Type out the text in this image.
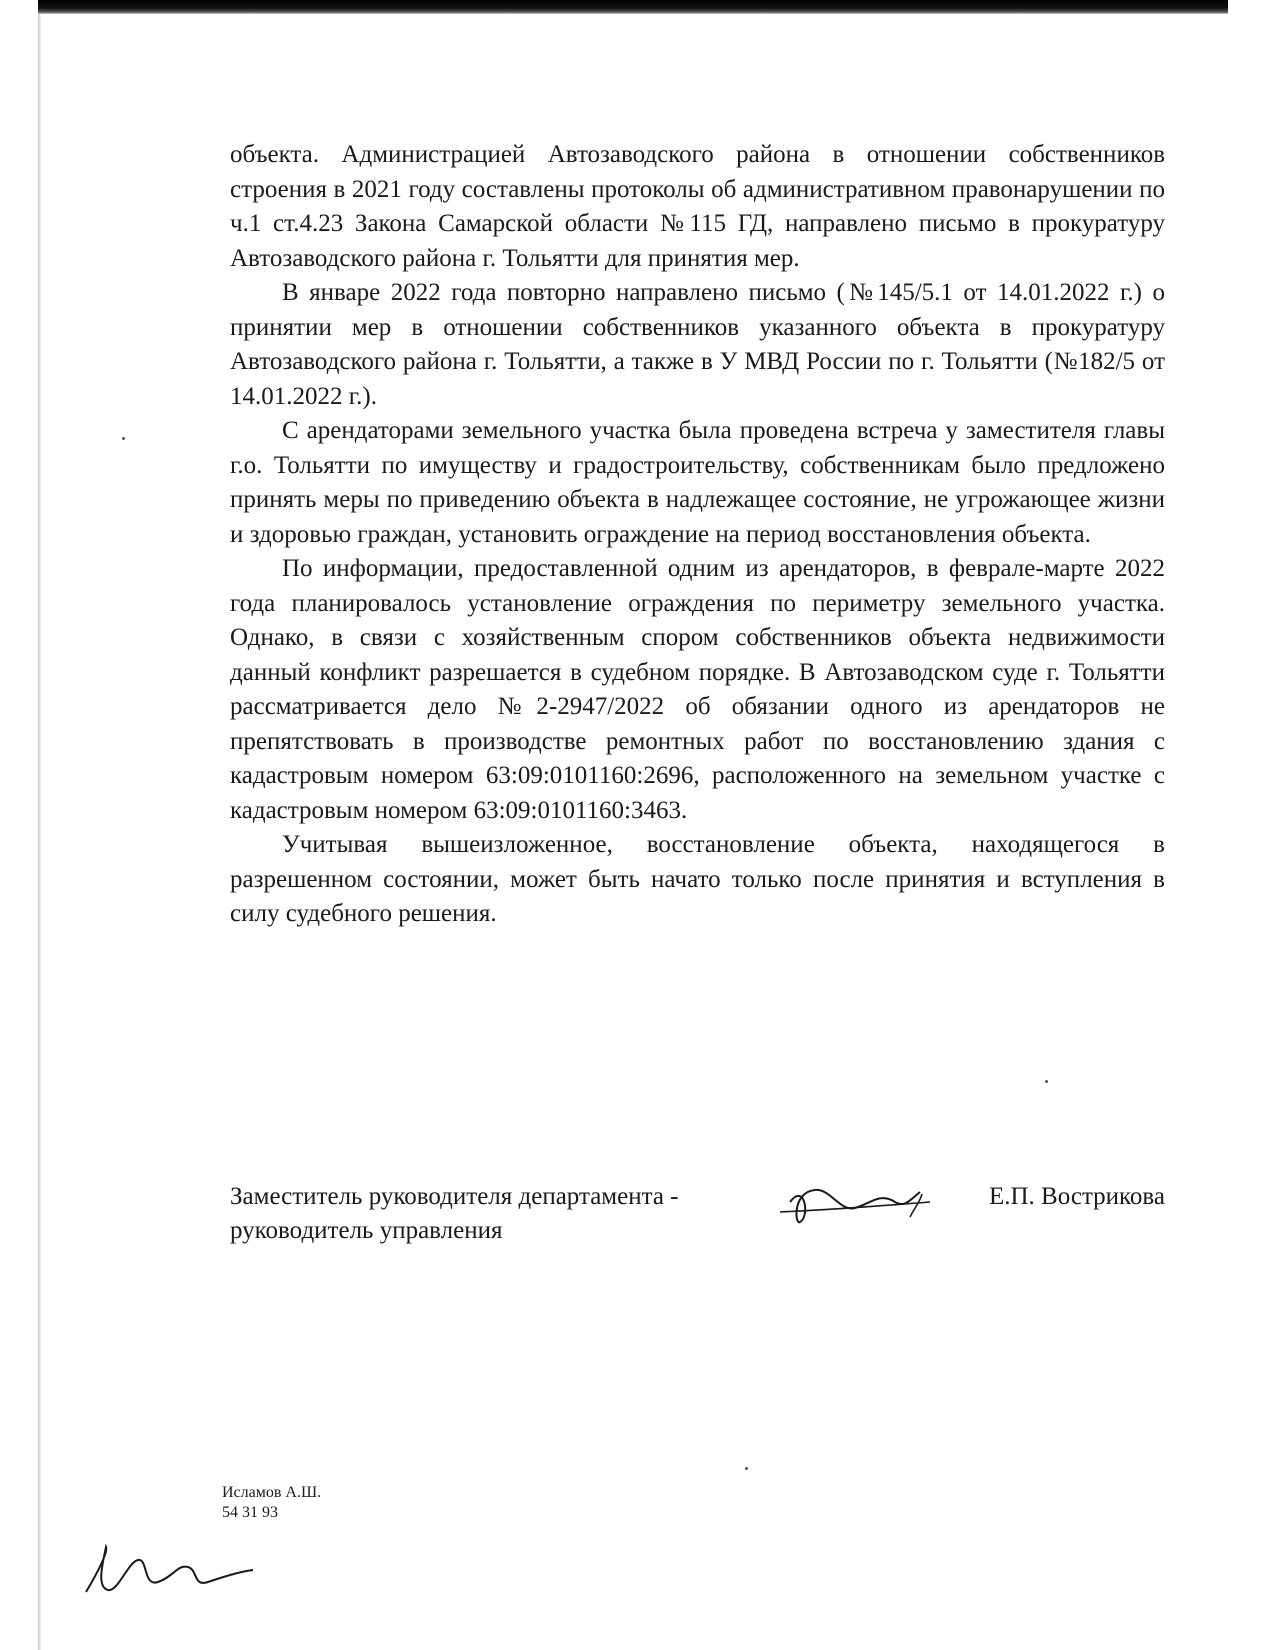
объекта. Администрацией Автозаводского района в отношении собственников строения в 2021 году составлены протоколы об административном правонарушении по ч.1 ст.4.23 Закона Самарской области №115 ГД, направлено письмо в прокуратуру Автозаводского района г. Тольятти для принятия мер.

В январе 2022 года повторно направлено письмо (№145/5.1 от 14.01.2022 г.) о принятии мер в отношении собственников указанного объекта в прокуратуру Автозаводского района г. Тольятти, а также в У МВД России по г. Тольятти (№182/5 от 14.01.2022 г.).

С арендаторами земельного участка была проведена встреча у заместителя главы г.о. Тольятти по имуществу и градостроительству, собственникам было предложено принять меры по приведению объекта в надлежащее состояние, не угрожающее жизни и здоровью граждан, установить ограждение на период восстановления объекта.

По информации, предоставленной одним из арендаторов, в феврале-марте 2022 года планировалось установление ограждения по периметру земельного участка. Однако, в связи с хозяйственным спором собственников объекта недвижимости данный конфликт разрешается в судебном порядке. В Автозаводском суде г. Тольятти рассматривается дело №2-2947/2022 об обязании одного из арендаторов не препятствовать в производстве ремонтных работ по восстановлению здания с кадастровым номером 63:09:0101160:2696, расположенного на земельном участке с кадастровым номером 63:09:0101160:3463.

Учитывая вышеизложенное, восстановление объекта, находящегося в разрешенном состоянии, может быть начато только после принятия и вступления в силу судебного решения.

Заместитель руководителя департамента -
руководитель управления
Е.П. Вострикова
Исламов А.Ш.
54 31 93
